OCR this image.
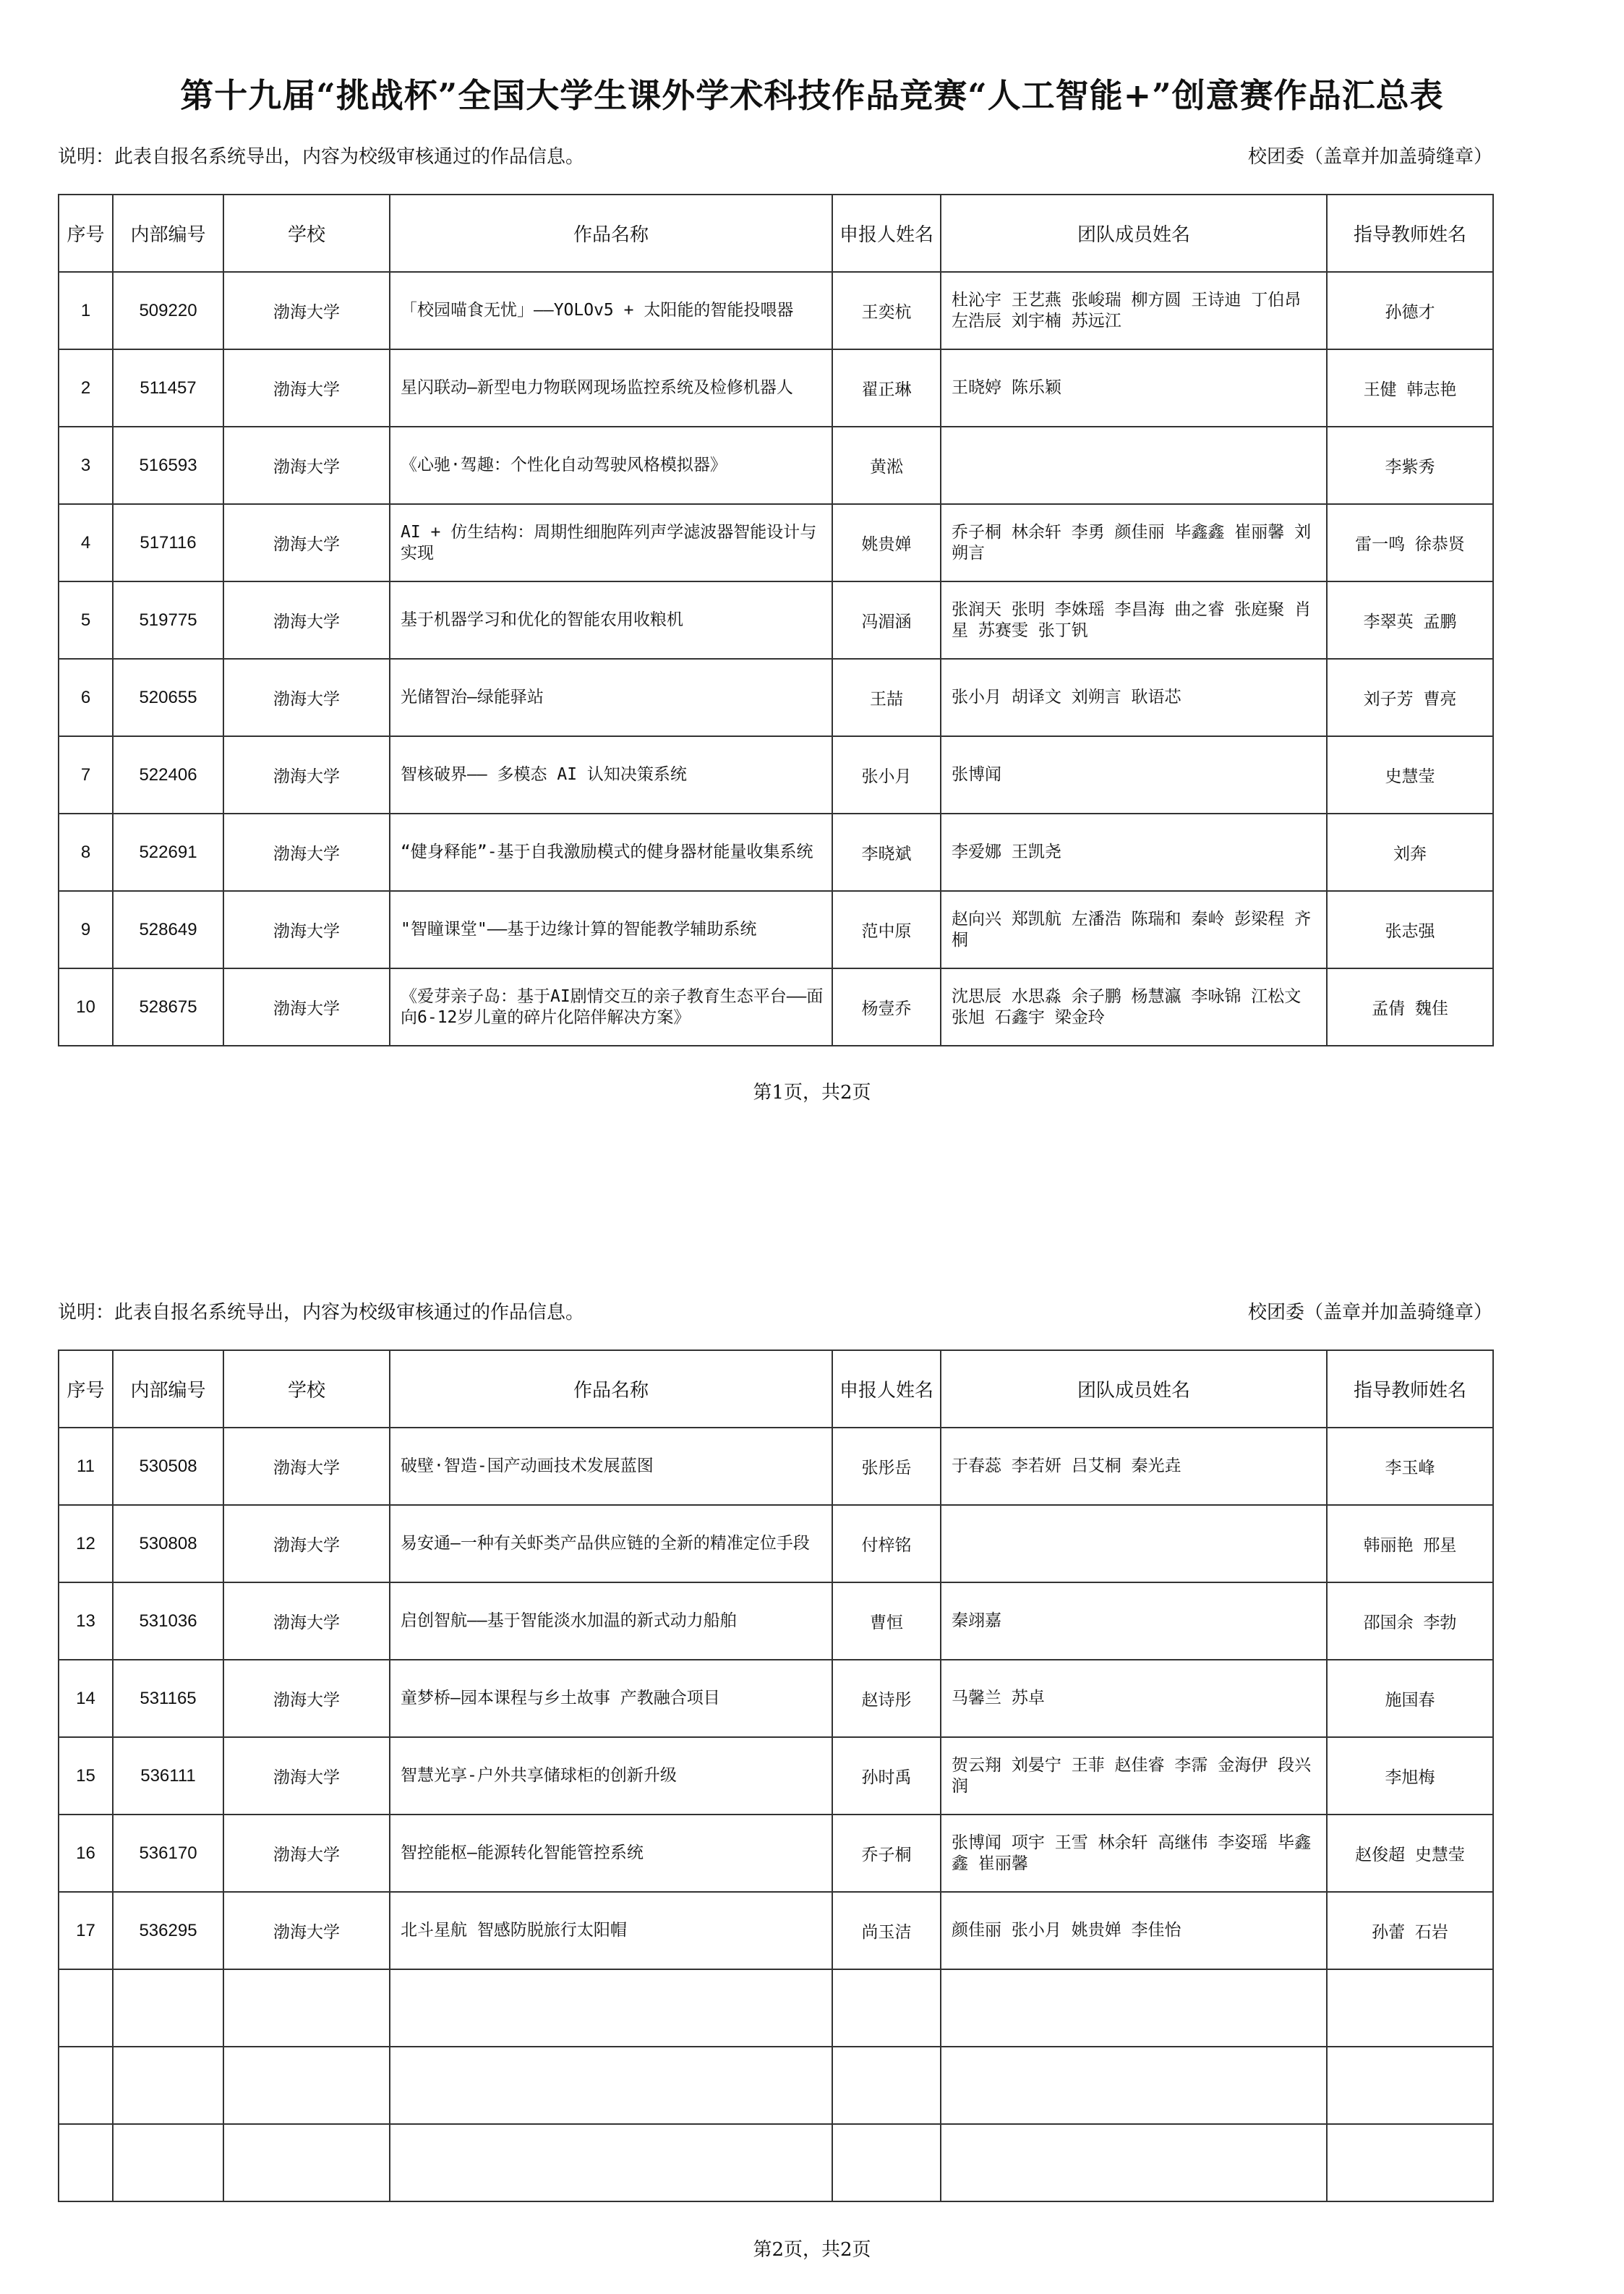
第十九届“挑战杯”全国大学生课外学术科技作品竞赛“人工智能+”创意赛作品汇总表
说明：此表自报名系统导出，内容为校级审核通过的作品信息。	校团委（盖章并加盖骑缝章）
序号	内部编号	学校	作品名称	申报人姓名	团队成员姓名	指导教师姓名
1	509220	渤海大学	「校园喵食无忧」——YOLOv5 + 太阳能的智能投喂器	王奕杭	杜沁宇 王艺燕 张峻瑞 柳方圆 王诗迪 丁伯昂 左浩辰 刘宇楠 苏远江	孙德才
2	511457	渤海大学	星闪联动—新型电力物联网现场监控系统及检修机器人	翟正琳	王晓婷 陈乐颖	王健 韩志艳
3	516593	渤海大学	《心驰·驾趣：个性化自动驾驶风格模拟器》	黄淞		李紫秀
4	517116	渤海大学	AI + 仿生结构：周期性细胞阵列声学滤波器智能设计与实现	姚贵婵	乔子桐 林余轩 李勇 颜佳丽 毕鑫鑫 崔丽馨 刘朔言	雷一鸣 徐恭贤
5	519775	渤海大学	基于机器学习和优化的智能农用收粮机	冯湄涵	张润天 张明 李姝瑶 李昌海 曲之睿 张庭聚 肖星 苏赛雯 张丁钒	李翠英 孟鹏
6	520655	渤海大学	光储智治—绿能驿站	王喆	张小月 胡译文 刘朔言 耿语芯	刘子芳 曹亮
7	522406	渤海大学	智核破界—— 多模态 AI 认知决策系统	张小月	张博闻	史慧莹
8	522691	渤海大学	“健身释能”-基于自我激励模式的健身器材能量收集系统	李晓斌	李爱娜 王凯尧	刘奔
9	528649	渤海大学	"智瞳课堂"——基于边缘计算的智能教学辅助系统	范中原	赵向兴 郑凯航 左潘浩 陈瑞和 秦岭 彭梁程 齐桐	张志强
10	528675	渤海大学	《爱芽亲子岛：基于AI剧情交互的亲子教育生态平台——面向6-12岁儿童的碎片化陪伴解决方案》	杨壹乔	沈思辰 水思淼 余子鹏 杨慧瀛 李咏锦 江松文 张旭 石鑫宇 梁金玲	孟倩 魏佳
第1页，共2页
说明：此表自报名系统导出，内容为校级审核通过的作品信息。	校团委（盖章并加盖骑缝章）
序号	内部编号	学校	作品名称	申报人姓名	团队成员姓名	指导教师姓名
11	530508	渤海大学	破壁·智造-国产动画技术发展蓝图	张彤岳	于春蕊 李若妍 吕艾桐 秦光垚	李玉峰
12	530808	渤海大学	易安通—一种有关虾类产品供应链的全新的精准定位手段	付梓铭		韩丽艳 邢星
13	531036	渤海大学	启创智航——基于智能淡水加温的新式动力船舶	曹恒	秦翊嘉	邵国余 李勃
14	531165	渤海大学	童梦桥—园本课程与乡土故事 产教融合项目	赵诗彤	马馨兰 苏卓	施国春
15	536111	渤海大学	智慧光享-户外共享储球柜的创新升级	孙时禹	贺云翔 刘晏宁 王菲 赵佳睿 李霈 金海伊 段兴润	李旭梅
16	536170	渤海大学	智控能枢—能源转化智能管控系统	乔子桐	张博闻 项宇 王雪 林余轩 高继伟 李姿瑶 毕鑫鑫 崔丽馨	赵俊超 史慧莹
17	536295	渤海大学	北斗星航 智感防脱旅行太阳帽	尚玉洁	颜佳丽 张小月 姚贵婵 李佳怡	孙蕾 石岩

第2页，共2页
